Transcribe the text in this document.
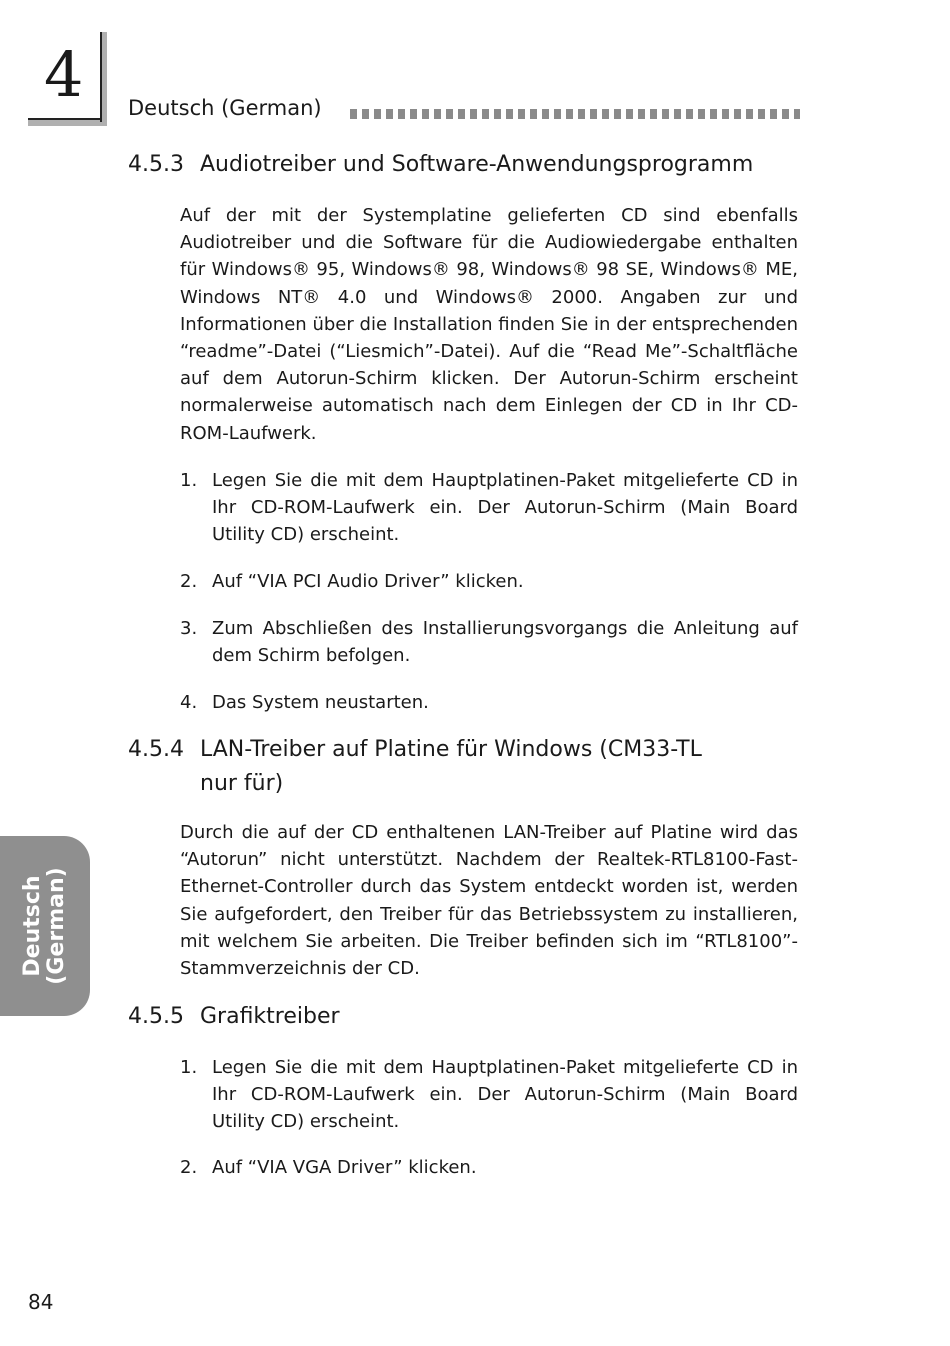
4 Deutsch (German)
4.5.3 Audiotreiber und Software-Anwendungsprogramm

Auf der mit der Systemplatine gelieferten CD sind ebenfalls Audiotreiber und die Software für die Audiowiedergabe enthalten für Windows® 95, Windows® 98, Windows® 98 SE, Windows® ME, Windows NT® 4.0 und Windows® 2000. Angaben zur und Informationen über die Installation finden Sie in der entsprechenden “readme”-Datei (“Liesmich”-Datei). Auf die “Read Me”-Schaltfläche auf dem Autorun-Schirm klicken. Der Autorun-Schirm erscheint normalerweise automatisch nach dem Einlegen der CD in Ihr CD-ROM-Laufwerk.

1. Legen Sie die mit dem Hauptplatinen-Paket mitgelieferte CD in Ihr CD-ROM-Laufwerk ein. Der Autorun-Schirm (Main Board Utility CD) erscheint.
2. Auf “VIA PCI Audio Driver” klicken.
3. Zum Abschließen des Installierungsvorgangs die Anleitung auf dem Schirm befolgen.
4. Das System neustarten.
4.5.4 LAN-Treiber auf Platine für Windows (CM33-TL
nur für)

Durch die auf der CD enthaltenen LAN-Treiber auf Platine wird das “Autorun” nicht unterstützt. Nachdem der Realtek-RTL8100-Fast-Ethernet-Controller durch das System entdeckt worden ist, werden Sie aufgefordert, den Treiber für das Betriebssystem zu installieren, mit welchem Sie arbeiten. Die Treiber befinden sich im “RTL8100”-Stammverzeichnis der CD.

4.5.5 Grafiktreiber
1. Legen Sie die mit dem Hauptplatinen-Paket mitgelieferte CD in Ihr CD-ROM-Laufwerk ein. Der Autorun-Schirm (Main Board Utility CD) erscheint.
2. Auf “VIA VGA Driver” klicken.
Deutsch (German)
84
